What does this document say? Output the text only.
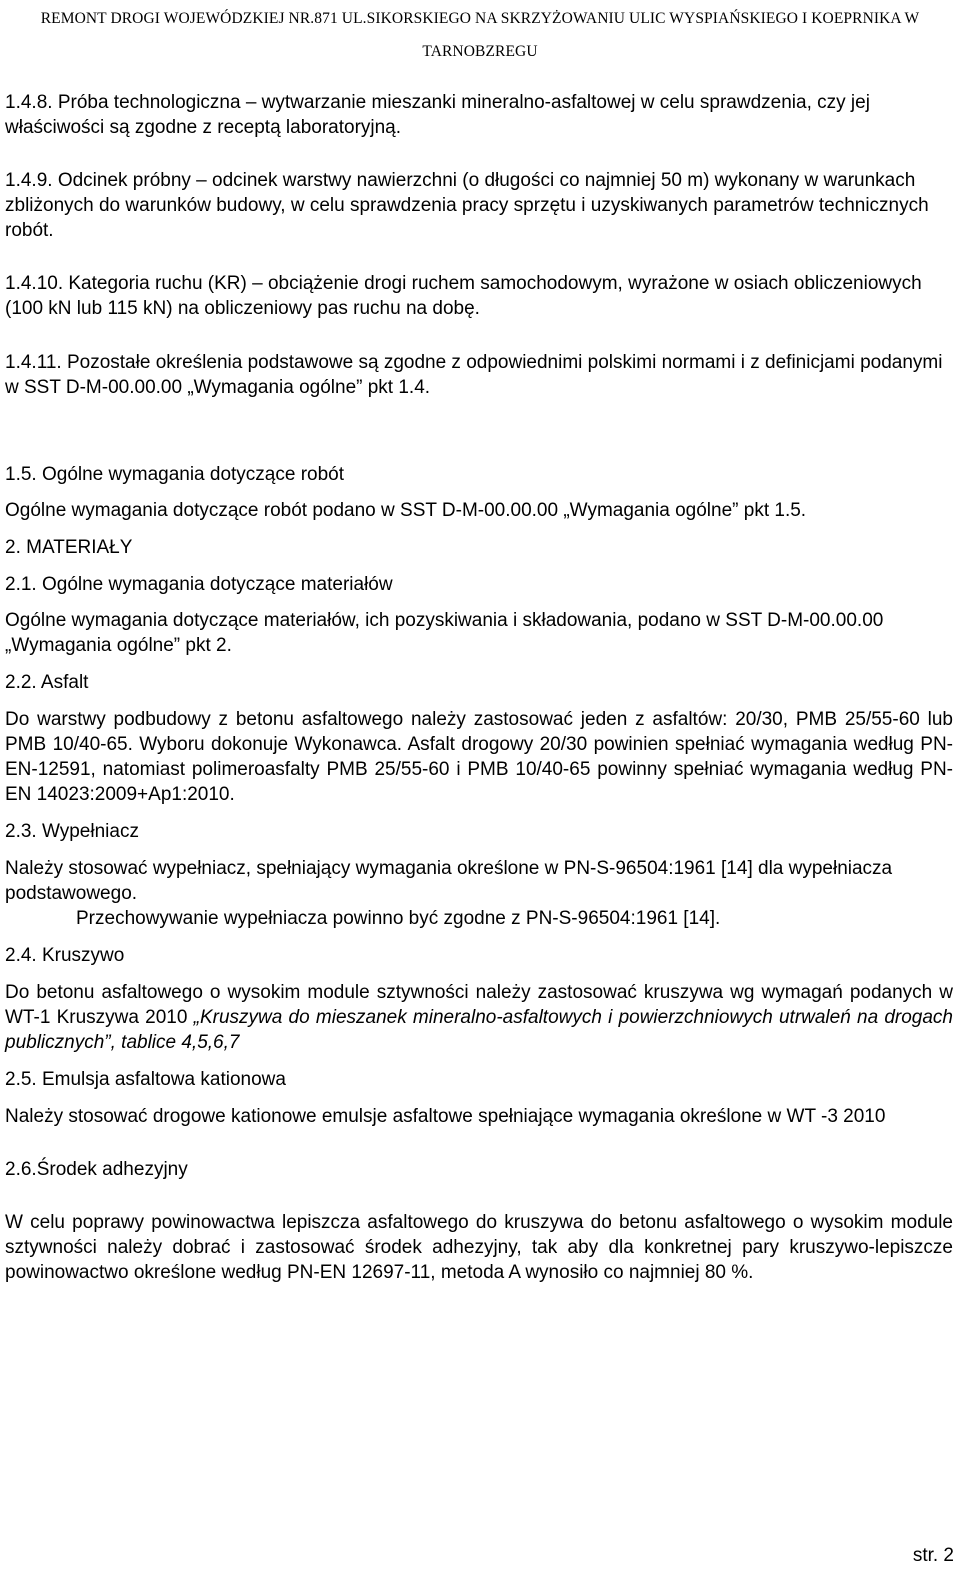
REMONT DROGI WOJEWÓDZKIEJ NR.871 UL.SIKORSKIEGO NA SKRZYŻOWANIU ULIC WYSPIAŃSKIEGO I KOEPRNIKA W
TARNOBZREGU

1.4.8. Próba technologiczna – wytwarzanie mieszanki mineralno-asfaltowej w celu sprawdzenia, czy jej właściwości są zgodne z receptą laboratoryjną.

1.4.9. Odcinek próbny – odcinek warstwy nawierzchni (o długości co najmniej 50 m) wykonany w warunkach zbliżonych do warunków budowy, w celu sprawdzenia pracy sprzętu i uzyskiwanych parametrów technicznych robót.

1.4.10. Kategoria ruchu (KR) – obciążenie drogi ruchem samochodowym, wyrażone w osiach obliczeniowych (100 kN lub 115 kN) na obliczeniowy pas ruchu na dobę.

1.4.11. Pozostałe określenia podstawowe są zgodne z odpowiednimi polskimi normami i z definicjami podanymi w SST D-M-00.00.00 „Wymagania ogólne” pkt 1.4.

1.5. Ogólne wymagania dotyczące robót

Ogólne wymagania dotyczące robót podano w SST D-M-00.00.00 „Wymagania ogólne” pkt 1.5.

2. MATERIAŁY

2.1. Ogólne wymagania dotyczące materiałów

Ogólne wymagania dotyczące materiałów, ich pozyskiwania i składowania, podano w SST D-M-00.00.00 „Wymagania ogólne” pkt 2.

2.2. Asfalt

Do warstwy podbudowy z betonu asfaltowego należy zastosować jeden z asfaltów: 20/30, PMB 25/55-60 lub PMB 10/40-65. Wyboru dokonuje Wykonawca. Asfalt drogowy 20/30 powinien spełniać wymagania według PN-EN-12591, natomiast polimeroasfalty PMB 25/55-60 i PMB 10/40-65 powinny spełniać wymagania według PN-EN 14023:2009+Ap1:2010.

2.3. Wypełniacz

Należy stosować wypełniacz, spełniający wymagania określone w PN-S-96504:1961 [14] dla wypełniacza podstawowego.

Przechowywanie wypełniacza powinno być zgodne z PN-S-96504:1961 [14].

2.4. Kruszywo

Do betonu asfaltowego o wysokim module sztywności należy zastosować kruszywa wg wymagań podanych w WT-1 Kruszywa 2010 „Kruszywa do mieszanek mineralno-asfaltowych i powierzchniowych utrwaleń na drogach publicznych”, tablice 4,5,6,7

2.5. Emulsja asfaltowa kationowa

Należy stosować drogowe kationowe emulsje asfaltowe spełniające wymagania określone w WT -3 2010

2.6.Środek adhezyjny

W celu poprawy powinowactwa lepiszcza asfaltowego do kruszywa do betonu asfaltowego o wysokim module sztywności należy dobrać i zastosować środek adhezyjny, tak aby dla konkretnej pary kruszywo-lepiszcze powinowactwo określone według PN-EN 12697-11, metoda A wynosiło co najmniej 80 %.

str. 2
